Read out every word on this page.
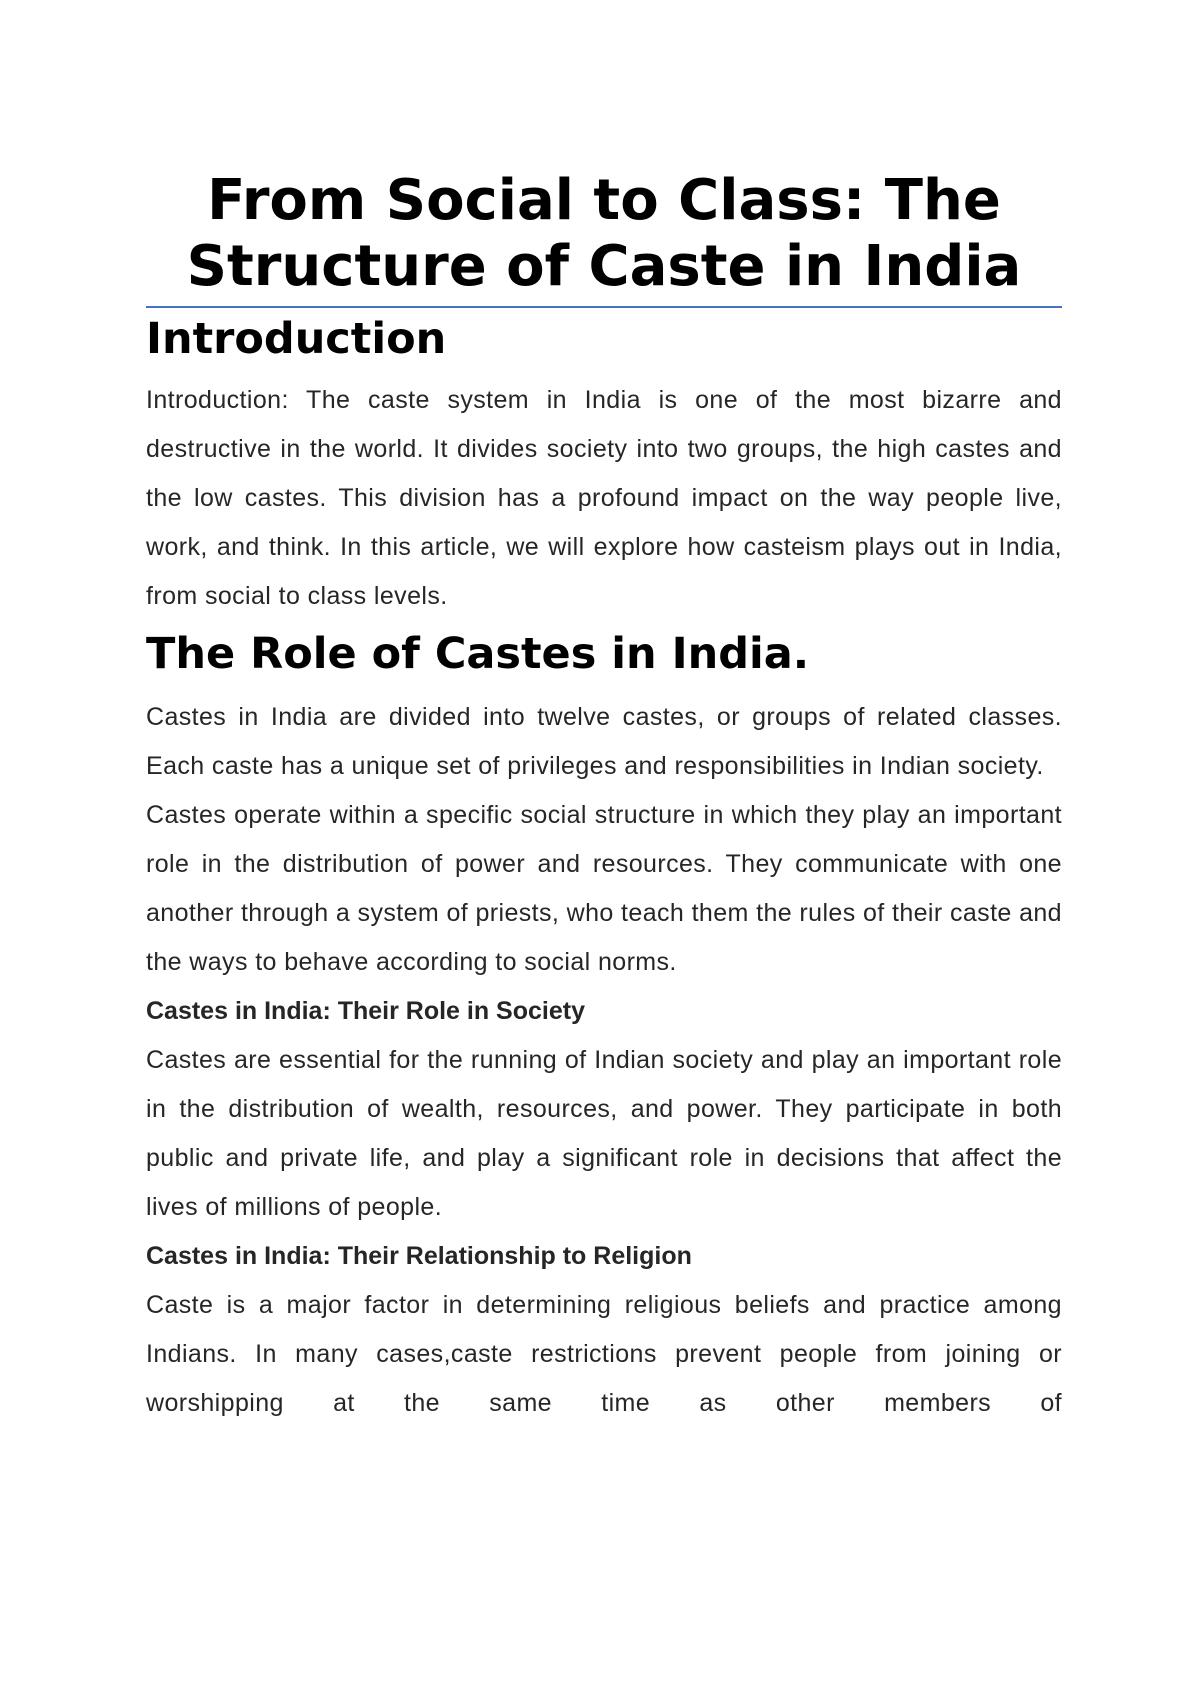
From Social to Class: The Structure of Caste in India
Introduction

Introduction: The caste system in India is one of the most bizarre and destructive in the world. It divides society into two groups, the high castes and the low castes. This division has a profound impact on the way people live, work, and think. In this article, we will explore how casteism plays out in India, from social to class levels.

The Role of Castes in India.

Castes in India are divided into twelve castes, or groups of related classes. Each caste has a unique set of privileges and responsibilities in Indian society.

Castes operate within a specific social structure in which they play an important role in the distribution of power and resources. They communicate with one another through a system of priests, who teach them the rules of their caste and the ways to behave according to social norms.

Castes in India: Their Role in Society

Castes are essential for the running of Indian society and play an important role in the distribution of wealth, resources, and power. They participate in both public and private life, and play a significant role in decisions that affect the lives of millions of people.

Castes in India: Their Relationship to Religion

Caste is a major factor in determining religious beliefs and practice among Indians. In many cases,caste restrictions prevent people from joining or worshipping at the same time as other members of
